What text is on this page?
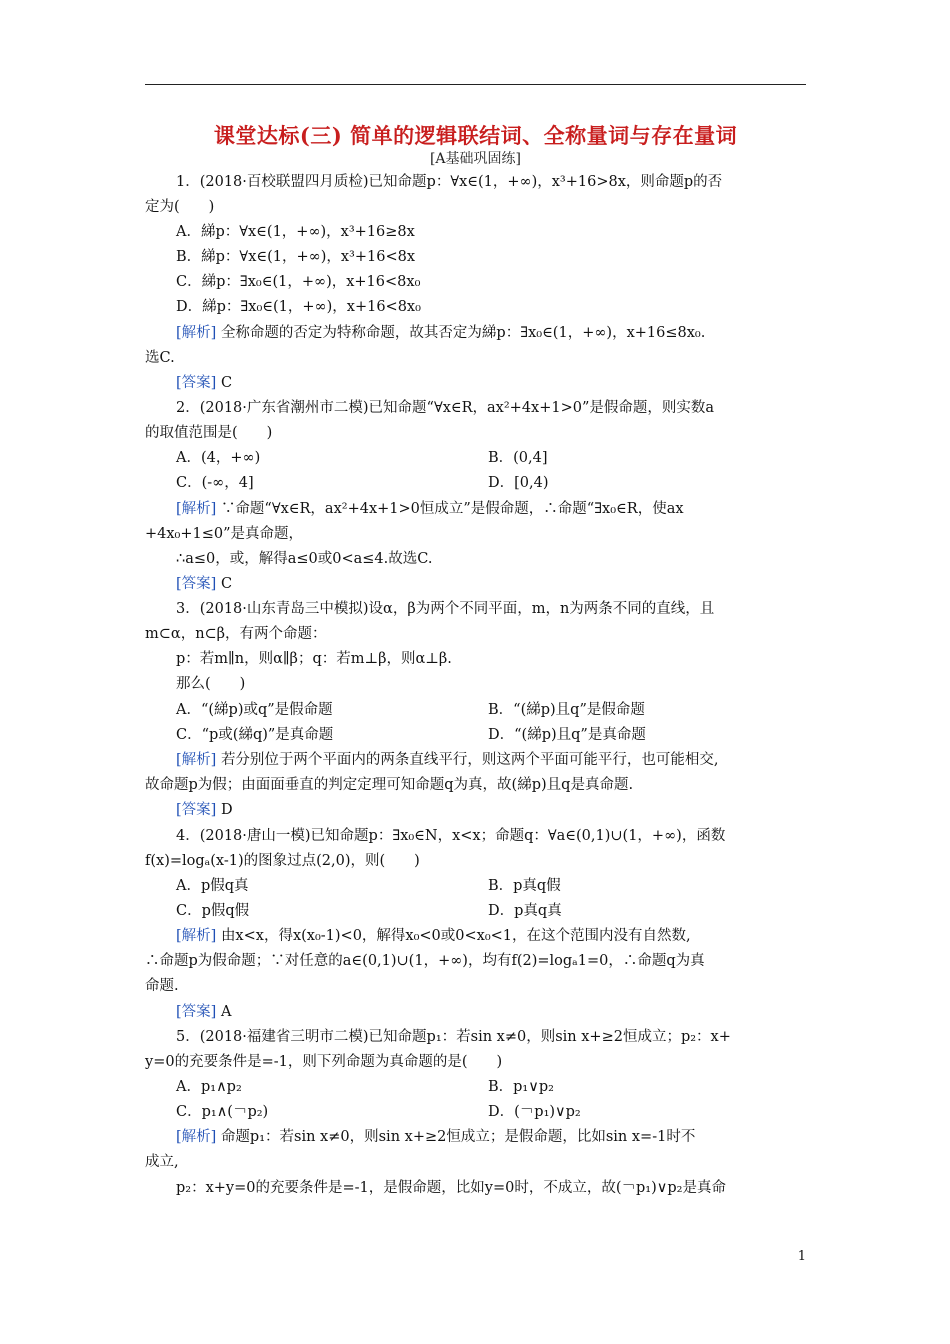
课堂达标(三) 简单的逻辑联结词、全称量词与存在量词
[A基础巩固练]
1．(2018·百校联盟四月质检)已知命题p：∀x∈(1，+∞)，x³+16>8x，则命题p的否
定为(　　)
A．綈p：∀x∈(1，+∞)，x³+16≥8x
B．綈p：∀x∈(1，+∞)，x³+16<8x
C．綈p：∃x₀∈(1，+∞)，x+16<8x₀
D．綈p：∃x₀∈(1，+∞)，x+16<8x₀
[解析] 全称命题的否定为特称命题，故其否定为綈p：∃x₀∈(1，+∞)，x+16≤8x₀.
选C.
[答案] C
2．(2018·广东省潮州市二模)已知命题“∀x∈R，ax²+4x+1>0”是假命题，则实数a
的取值范围是(　　)
A．(4，+∞)	B．(0,4]
C．(-∞，4]	D．[0,4)
[解析] ∵命题“∀x∈R，ax²+4x+1>0恒成立”是假命题，∴命题“∃x₀∈R，使ax
+4x₀+1≤0”是真命题，
∴a≤0，或，解得a≤0或0<a≤4.故选C.
[答案] C
3．(2018·山东青岛三中模拟)设α，β为两个不同平面，m，n为两条不同的直线，且
m⊂α，n⊂β，有两个命题：
p：若m∥n，则α∥β；q：若m⊥β，则α⊥β.
那么(　　)
A．“(綈p)或q”是假命题	B．“(綈p)且q”是假命题
C．“p或(綈q)”是真命题	D．“(綈p)且q”是真命题
[解析] 若分别位于两个平面内的两条直线平行，则这两个平面可能平行，也可能相交,
故命题p为假；由面面垂直的判定定理可知命题q为真，故(綈p)且q是真命题.
[答案] D
4．(2018·唐山一模)已知命题p：∃x₀∈N，x<x；命题q：∀a∈(0,1)∪(1，+∞)，函数
f(x)=logₐ(x-1)的图象过点(2,0)，则(　　)
A．p假q真	B．p真q假
C．p假q假	D．p真q真
[解析] 由x<x，得x(x₀-1)<0，解得x₀<0或0<x₀<1，在这个范围内没有自然数,
∴命题p为假命题；∵对任意的a∈(0,1)∪(1，+∞)，均有f(2)=logₐ1=0，∴命题q为真
命题.
[答案] A
5．(2018·福建省三明市二模)已知命题p₁：若sin x≠0，则sin x+≥2恒成立；p₂：x+
y=0的充要条件是=-1，则下列命题为真命题的是(　　)
A．p₁∧p₂	B．p₁∨p₂
C．p₁∧(￢p₂)	D．(￢p₁)∨p₂
[解析] 命题p₁：若sin x≠0，则sin x+≥2恒成立；是假命题，比如sin x=-1时不
成立,
p₂：x+y=0的充要条件是=-1，是假命题，比如y=0时，不成立，故(￢p₁)∨p₂是真命
1
